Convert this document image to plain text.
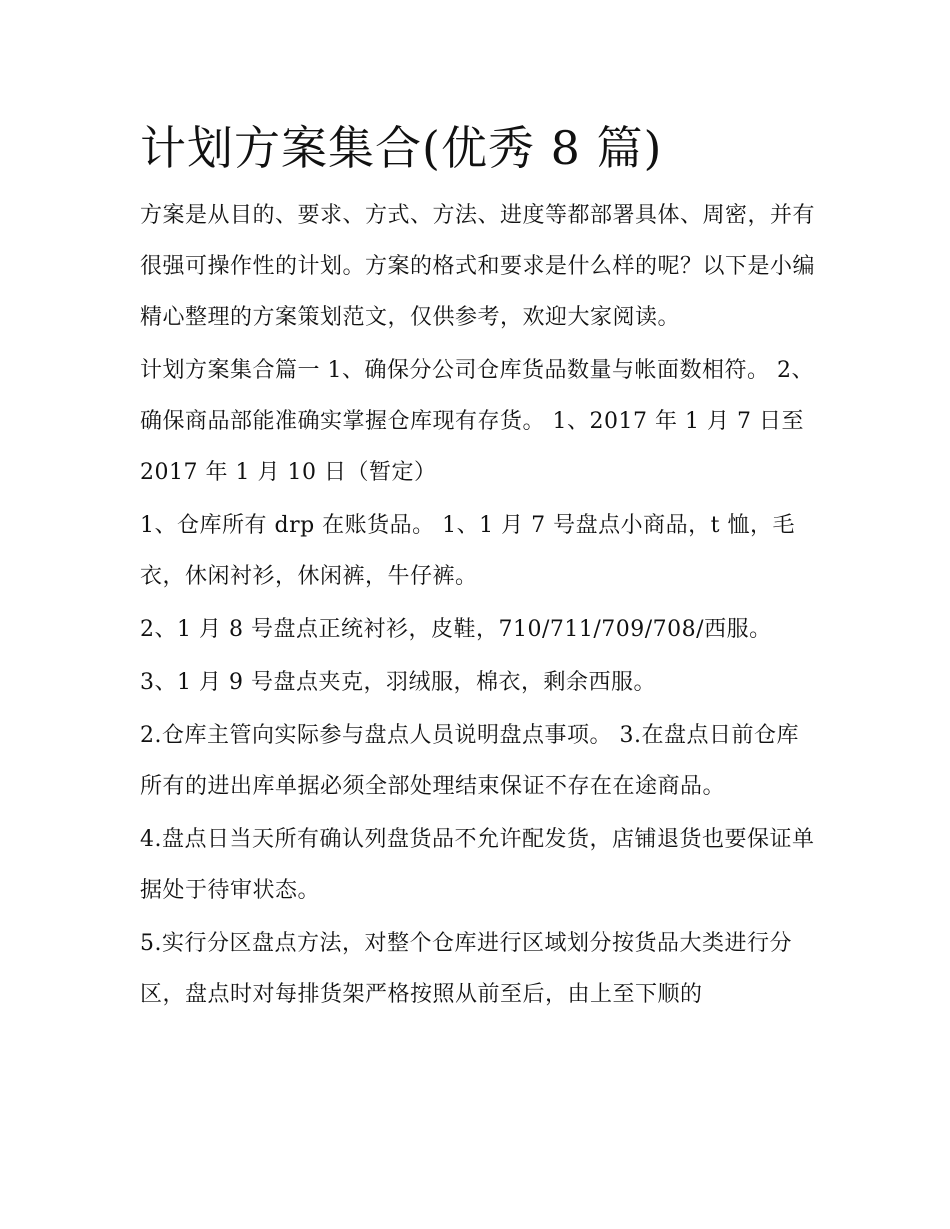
计划方案集合(优秀 8 篇)

方案是从目的、要求、方式、方法、进度等都部署具体、周密，并有很强可操作性的计划。方案的格式和要求是什么样的呢？以下是小编精心整理的方案策划范文，仅供参考，欢迎大家阅读。

计划方案集合篇一 1、确保分公司仓库货品数量与帐面数相符。 2、确保商品部能准确实掌握仓库现有存货。 1、2017 年 1 月 7 日至 2017 年 1 月 10 日（暂定）

1、仓库所有 drp 在账货品。 1、1 月 7 号盘点小商品，t 恤，毛衣，休闲衬衫，休闲裤，牛仔裤。

2、1 月 8 号盘点正统衬衫，皮鞋，710/711/709/708/西服。

3、1 月 9 号盘点夹克，羽绒服，棉衣，剩余西服。

2.仓库主管向实际参与盘点人员说明盘点事项。 3.在盘点日前仓库所有的进出库单据必须全部处理结束保证不存在在途商品。

4.盘点日当天所有确认列盘货品不允许配发货，店铺退货也要保证单据处于待审状态。

5.实行分区盘点方法，对整个仓库进行区域划分按货品大类进行分区，盘点时对每排货架严格按照从前至后，由上至下顺的
